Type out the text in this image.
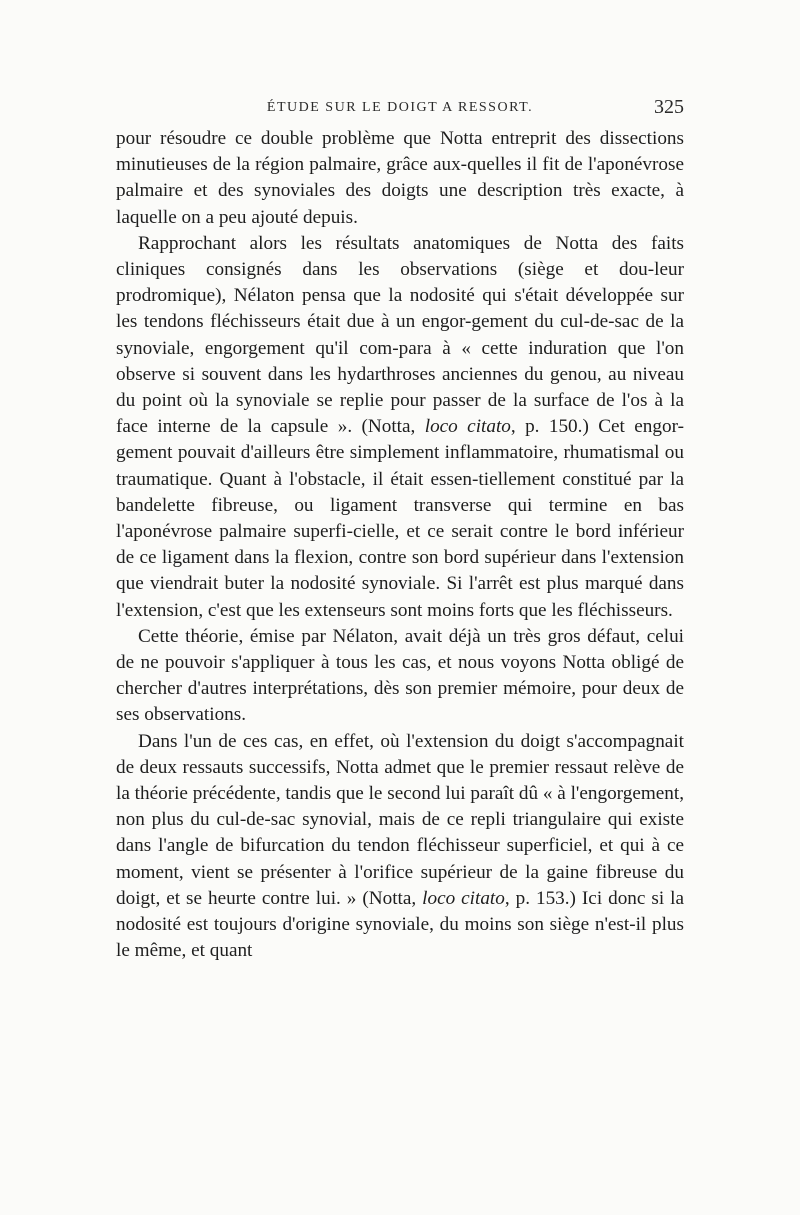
ÉTUDE SUR LE DOIGT A RESSORT.	325

pour résoudre ce double problème que Notta entreprit des dissections minutieuses de la région palmaire, grâce aux-quelles il fit de l'aponévrose palmaire et des synoviales des doigts une description très exacte, à laquelle on a peu ajouté depuis.

Rapprochant alors les résultats anatomiques de Notta des faits cliniques consignés dans les observations (siège et dou-leur prodromique), Nélaton pensa que la nodosité qui s'était développée sur les tendons fléchisseurs était due à un engor-gement du cul-de-sac de la synoviale, engorgement qu'il com-para à « cette induration que l'on observe si souvent dans les hydarthroses anciennes du genou, au niveau du point où la synoviale se replie pour passer de la surface de l'os à la face interne de la capsule ». (Notta, loco citato, p. 150.) Cet engor-gement pouvait d'ailleurs être simplement inflammatoire, rhumatismal ou traumatique. Quant à l'obstacle, il était essen-tiellement constitué par la bandelette fibreuse, ou ligament transverse qui termine en bas l'aponévrose palmaire superfi-cielle, et ce serait contre le bord inférieur de ce ligament dans la flexion, contre son bord supérieur dans l'extension que viendrait buter la nodosité synoviale. Si l'arrêt est plus marqué dans l'extension, c'est que les extenseurs sont moins forts que les fléchisseurs.

Cette théorie, émise par Nélaton, avait déjà un très gros défaut, celui de ne pouvoir s'appliquer à tous les cas, et nous voyons Notta obligé de chercher d'autres interprétations, dès son premier mémoire, pour deux de ses observations.

Dans l'un de ces cas, en effet, où l'extension du doigt s'accompagnait de deux ressauts successifs, Notta admet que le premier ressaut relève de la théorie précédente, tandis que le second lui paraît dû « à l'engorgement, non plus du cul-de-sac synovial, mais de ce repli triangulaire qui existe dans l'angle de bifurcation du tendon fléchisseur superficiel, et qui à ce moment, vient se présenter à l'orifice supérieur de la gaine fibreuse du doigt, et se heurte contre lui. » (Notta, loco citato, p. 153.) Ici donc si la nodosité est toujours d'origine synoviale, du moins son siège n'est-il plus le même, et quant
